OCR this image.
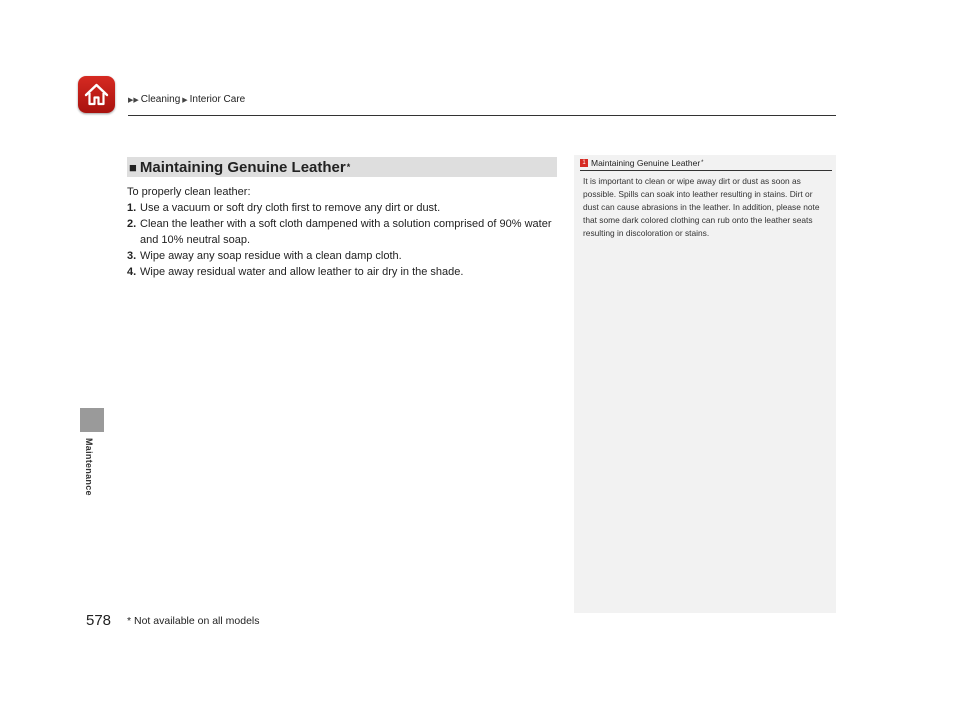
▶▶ Cleaning ▶ Interior Care
Maintenance
■ Maintaining Genuine Leather *
To properly clean leather:
1. Use a vacuum or soft dry cloth first to remove any dirt or dust.
2. Clean the leather with a soft cloth dampened with a solution comprised of 90% water and 10% neutral soap.
3. Wipe away any soap residue with a clean damp cloth.
4. Wipe away residual water and allow leather to air dry in the shade.
1 Maintaining Genuine Leather *
It is important to clean or wipe away dirt or dust as soon as possible. Spills can soak into leather resulting in stains. Dirt or dust can cause abrasions in the leather. In addition, please note that some dark colored clothing can rub onto the leather seats resulting in discoloration or stains.
578 * Not available on all models
